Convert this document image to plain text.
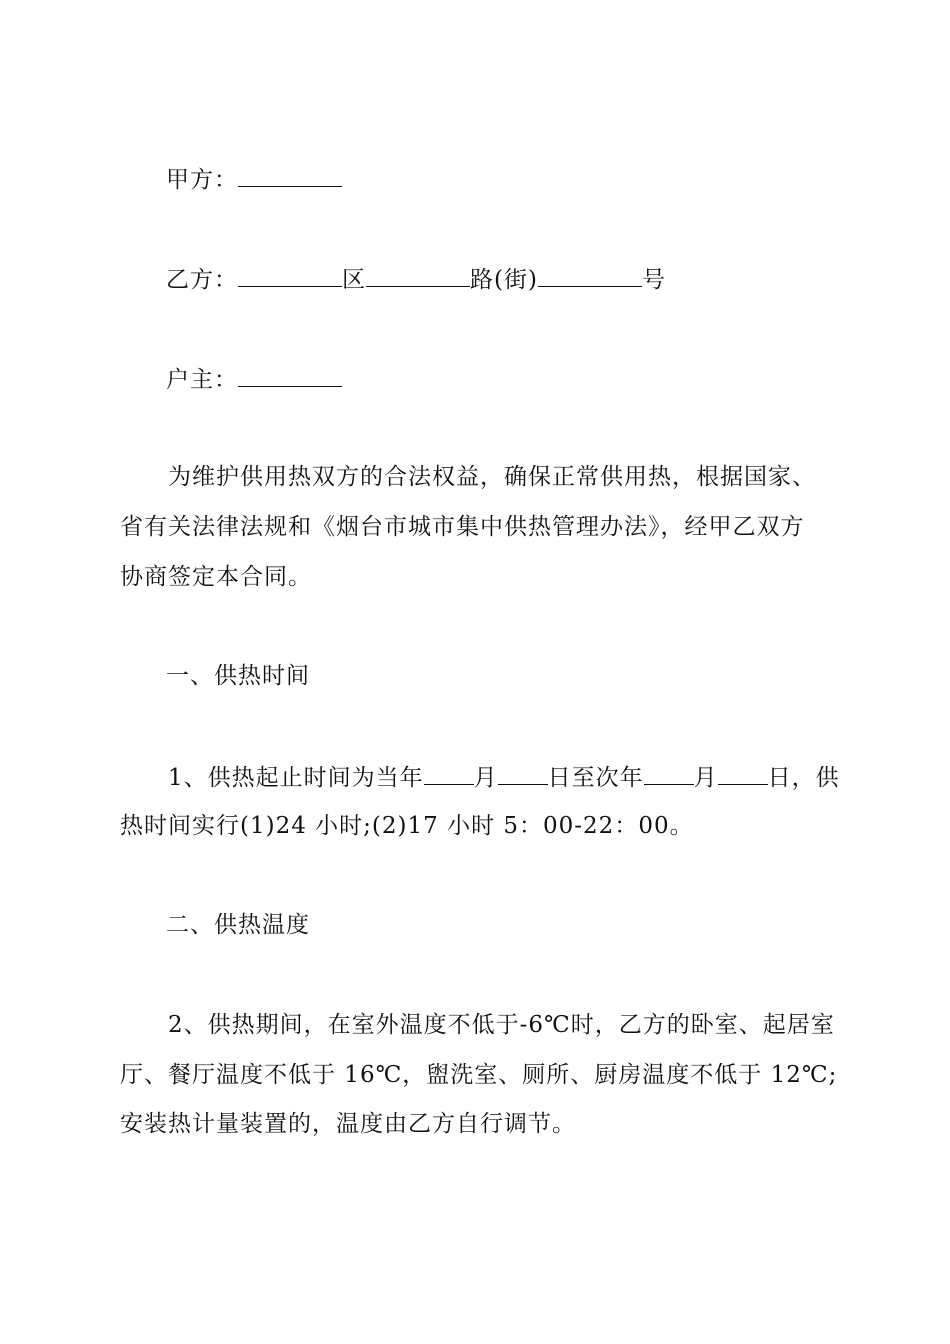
甲方：
乙方：	区	路(街)	号
户主：
为维护供用热双方的合法权益，确保正常供用热，根据国家、
省有关法律法规和《烟台市城市集中供热管理办法》，经甲乙双方
协商签定本合同。
一、供热时间
1、供热起止时间为当年 月 日至次年 月 日，供
热时间实行(1)24 小时;(2)17 小时 5：00-22：00。
二、供热温度
2、供热期间，在室外温度不低于-6℃时，乙方的卧室、起居室
厅、餐厅温度不低于 16℃，盥洗室、厕所、厨房温度不低于 12℃;
安装热计量装置的，温度由乙方自行调节。
